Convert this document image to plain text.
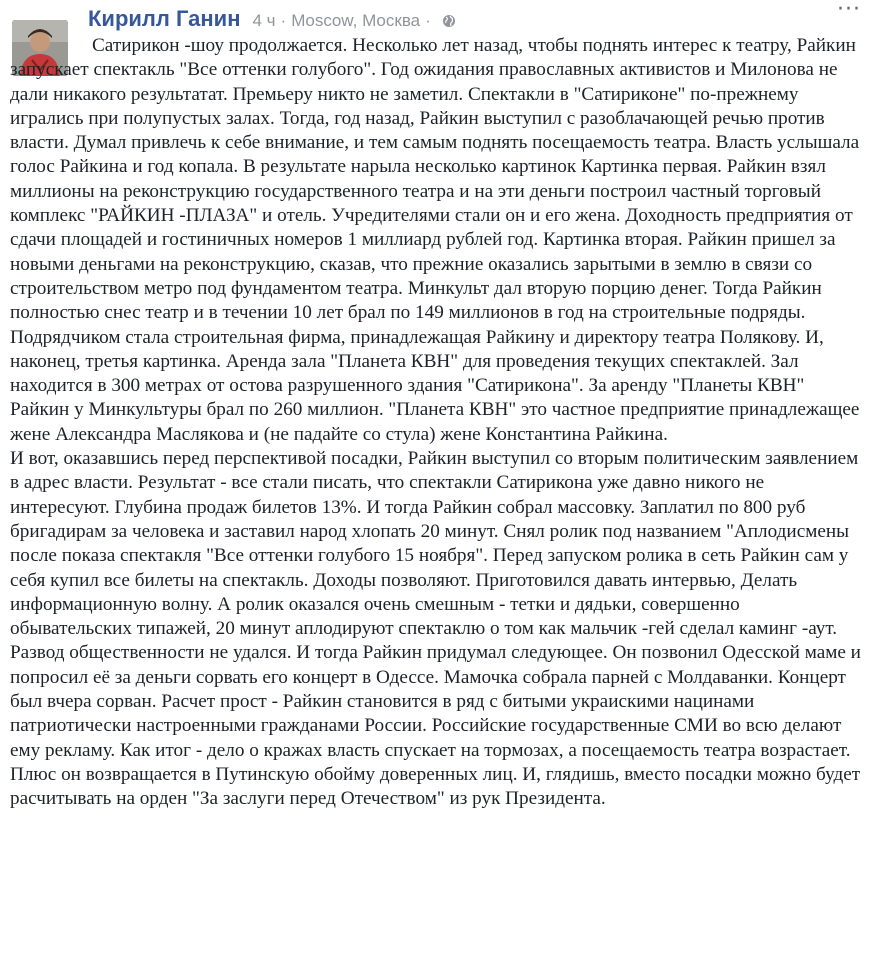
Кирилл Ганин 4 ч · Moscow, Москва ·	···

Сатирикон -шоу продолжается. Несколько лет назад, чтобы поднять интерес к театру, Райкин запускает спектакль "Все оттенки голубого". Год ожидания православных активистов и Милонова не дали никакого результатат. Премьеру никто не заметил. Спектакли в "Сатириконе" по-прежнему игрались при полупустых залах. Тогда, год назад, Райкин выступил с разоблачающей речью против власти. Думал привлечь к себе внимание, и тем самым поднять посещаемость театра. Власть услышала голос Райкина и год копала. В результате нарыла несколько картинок Картинка первая. Райкин взял миллионы на реконструкцию государственного театра и на эти деньги построил частный торговый комплекс "РАЙКИН -ПЛАЗА" и отель. Учредителями стали он и его жена. Доходность предприятия от сдачи площадей и гостиничных номеров 1 миллиард рублей год. Картинка вторая. Райкин пришел за новыми деньгами на реконструкцию, сказав, что прежние оказались зарытыми в землю в связи со строительством метро под фундаментом театра. Минкульт дал вторую порцию денег. Тогда Райкин полностью снес театр и в течении 10 лет брал по 149 миллионов в год на строительные подряды. Подрядчиком стала строительная фирма, принадлежащая Райкину и директору театра Полякову. И, наконец, третья картинка. Аренда зала "Планета КВН" для проведения текущих спектаклей. Зал находится в 300 метрах от остова разрушенного здания "Сатирикона". За аренду "Планеты КВН" Райкин у Минкультуры брал по 260 миллион. "Планета КВН" это частное предприятие принадлежащее жене Александра Маслякова и (не падайте со стула) жене Константина Райкина.

И вот, оказавшись перед перспективой посадки, Райкин выступил со вторым политическим заявлением в адрес власти. Результат - все стали писать, что спектакли Сатирикона уже давно никого не интересуют. Глубина продаж билетов 13%. И тогда Райкин собрал массовку. Заплатил по 800 руб бригадирам за человека и заставил народ хлопать 20 минут. Снял ролик под названием "Аплодисмены после показа спектакля "Все оттенки голубого 15 ноября". Перед запуском ролика в сеть Райкин сам у себя купил все билеты на спектакль. Доходы позволяют. Приготовился давать интервью, Делать информационную волну. А ролик оказался очень смешным - тетки и дядьки, совершенно обывательских типажей, 20 минут аплодируют спектаклю о том как мальчик -гей сделал каминг -аут. Развод общественности не удался. И тогда Райкин придумал следующее. Он позвонил Одесской маме и попросил её за деньги сорвать его концерт в Одессе. Мамочка собрала парней с Молдаванки. Концерт был вчера сорван. Расчет прост - Райкин становится в ряд с битыми украискими нацинами патриотически настроенными гражданами России. Российские государственные СМИ во всю делают ему рекламу. Как итог - дело о кражах власть спускает на тормозах, а посещаемость театра возрастает. Плюс он возвращается в Путинскую обойму доверенных лиц. И, глядишь, вместо посадки можно будет расчитывать на орден "За заслуги перед Отечеством" из рук Президента.
